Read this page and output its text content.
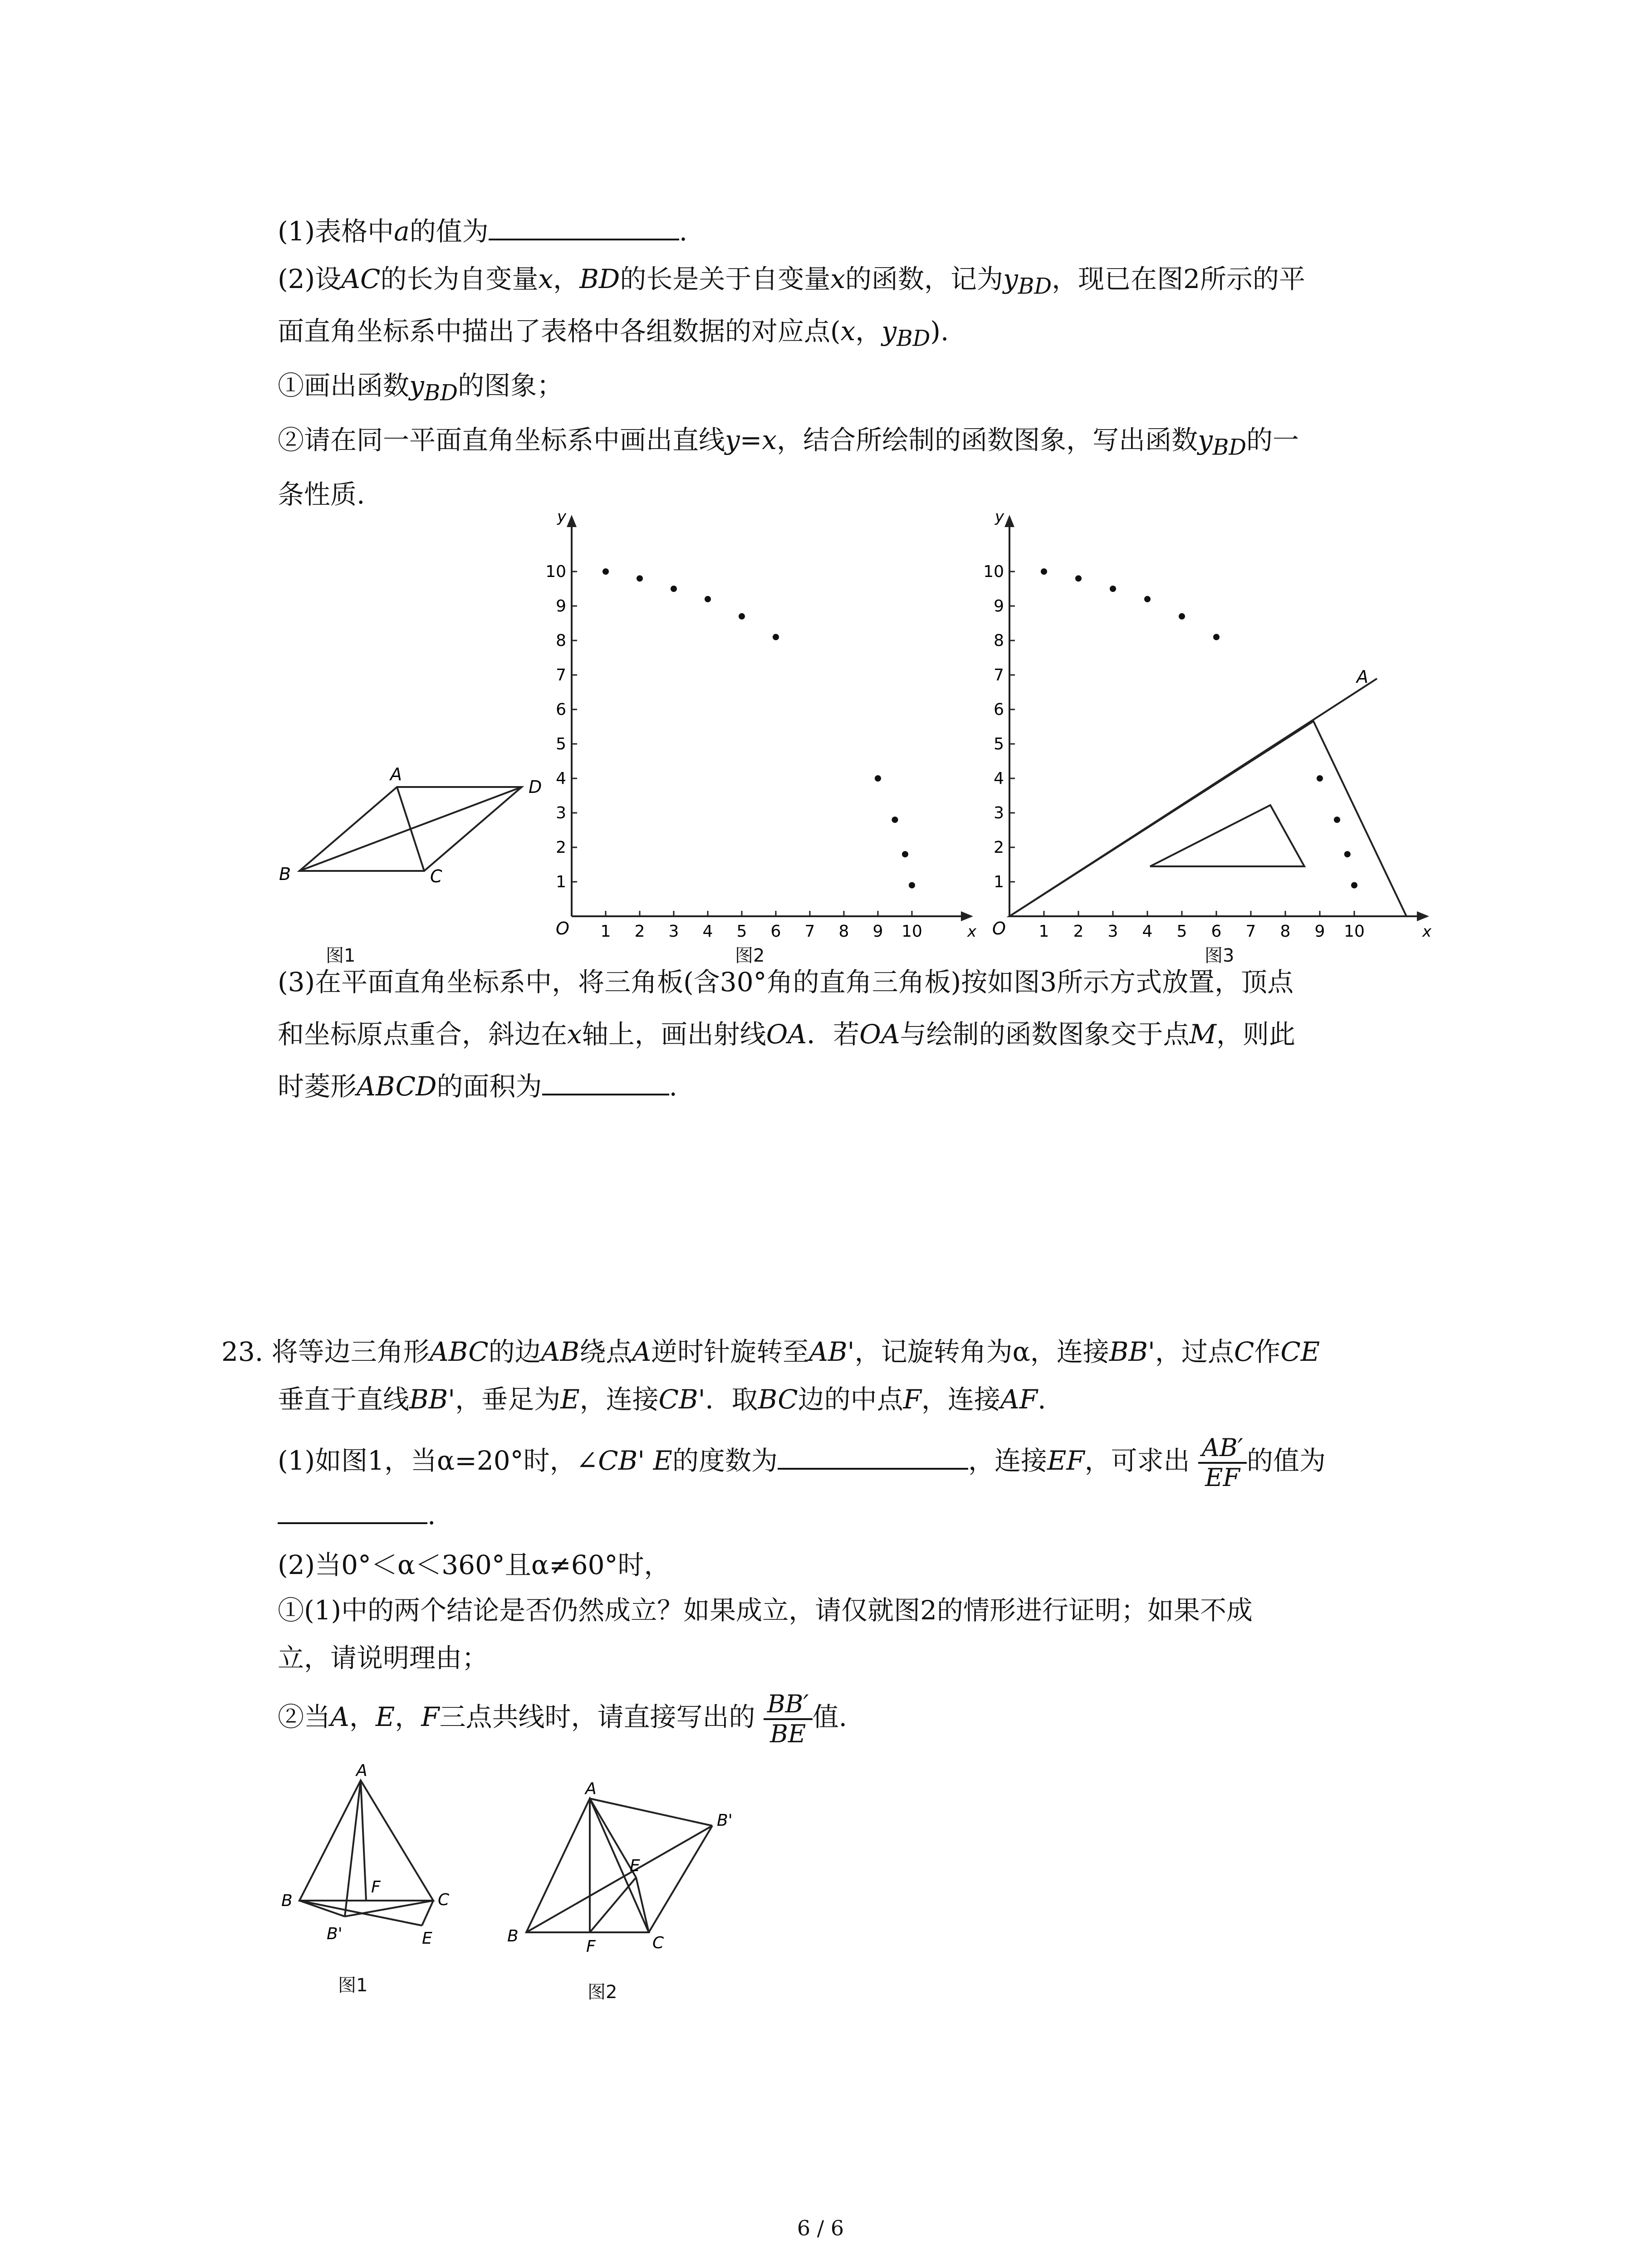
(1)表格中a的值为	.
(2)设AC的长为自变量x，BD的长是关于自变量x的函数，记为$y_{BD}$，现已在图2所示的平
面直角坐标系中描出了表格中各组数据的对应点(x，$y_{BD}$).
①画出函数$y_{BD}$的图象；
②请在同一平面直角坐标系中画出直线y=x，结合所绘制的函数图象，写出函数$y_{BD}$的一
条性质.
A
B	C
D
图1
1
1
2
2
3
3
4
4
5
5
6
6
7
7
8
8
9
9
10
10
O	x
y
图2
1
1
2
2
3
3
4
4
5
5
6
6
7
7
8
8
9
9
10
10
A
O	x
y
图3
(3)在平面直角坐标系中，将三角板(含30°角的直角三角板)按如图3所示方式放置，顶点
和坐标原点重合，斜边在x轴上，画出射线OA．若OA与绘制的函数图象交于点M，则此
时菱形ABCD的面积为	.
23. 将等边三角形ABC的边AB绕点A逆时针旋转至AB'，记旋转角为α，连接BB'，过点C作CE
垂直于直线BB'，垂足为E，连接CB'．取BC边的中点F，连接AF.
(1)如图1，当α=20°时，∠CB' E的度数为	，连接EF，可求出 $\frac{AB'}{EF}$ 的值为
.
(2)当0°＜α＜360°且α≠60°时，
①(1)中的两个结论是否仍然成立？如果成立，请仅就图2的情形进行证明；如果不成
立，请说明理由；
②当A，E，F三点共线时，请直接写出的 $\frac{BB'}{BE}$ 值.
A
B	C
F
B'	E
图1
A
B	C
F
B'
E
图2
6 / 6
